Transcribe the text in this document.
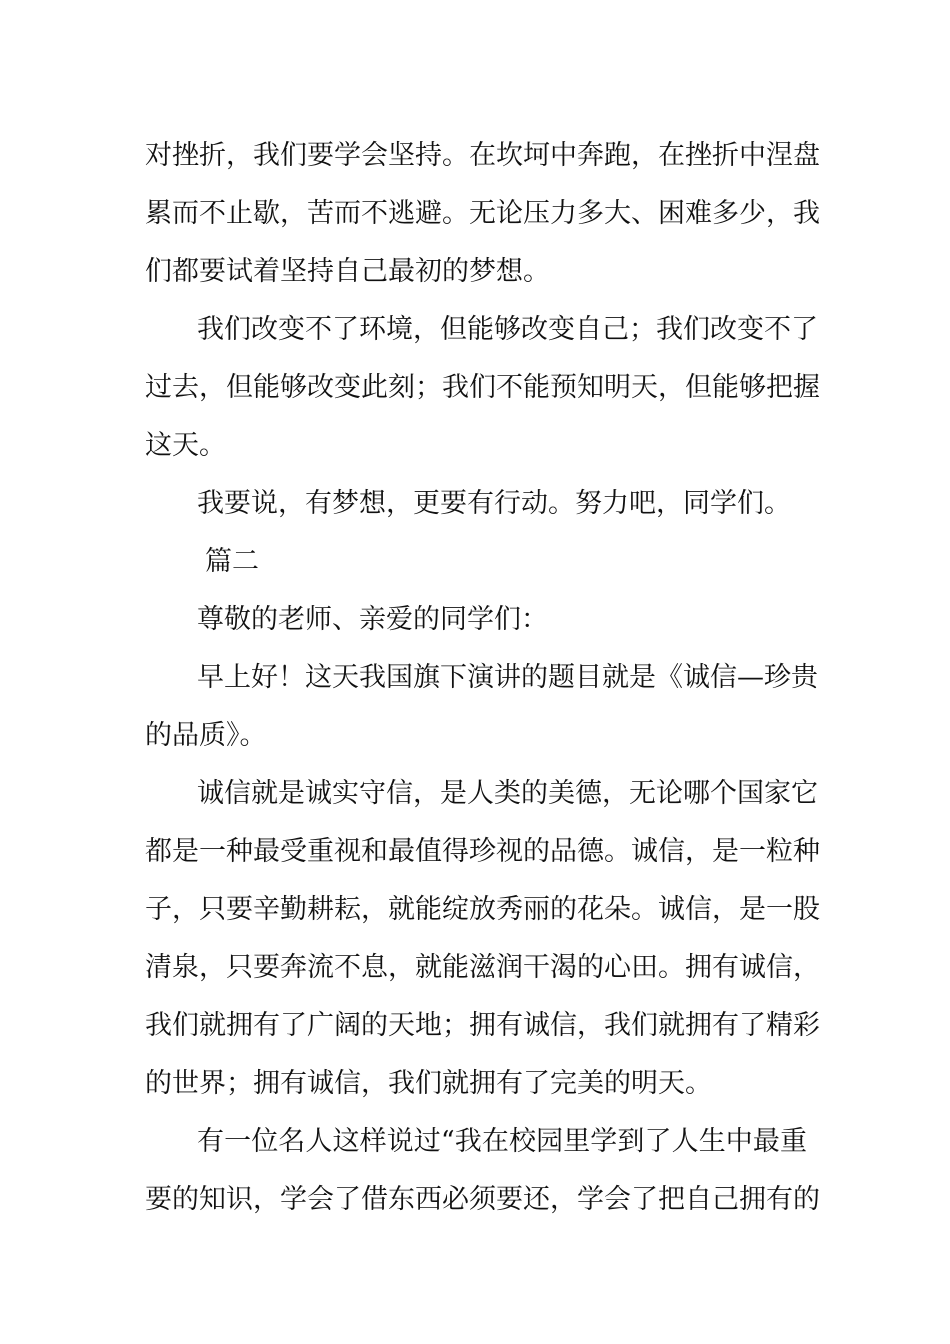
对挫折，我们要学会坚持。在坎坷中奔跑，在挫折中涅盘
累而不止歇，苦而不逃避。无论压力多大、困难多少，我
们都要试着坚持自己最初的梦想。
我们改变不了环境，但能够改变自己；我们改变不了
过去，但能够改变此刻；我们不能预知明天，但能够把握
这天。
我要说，有梦想，更要有行动。努力吧，同学们。
篇二
尊敬的老师、亲爱的同学们：
早上好！这天我国旗下演讲的题目就是《诚信—珍贵
的品质》。
诚信就是诚实守信，是人类的美德，无论哪个国家它
都是一种最受重视和最值得珍视的品德。诚信，是一粒种
子，只要辛勤耕耘，就能绽放秀丽的花朵。诚信，是一股
清泉，只要奔流不息，就能滋润干渴的心田。拥有诚信，
我们就拥有了广阔的天地；拥有诚信，我们就拥有了精彩
的世界；拥有诚信，我们就拥有了完美的明天。
有一位名人这样说过“我在校园里学到了人生中最重
要的知识，学会了借东西必须要还，学会了把自己拥有的
